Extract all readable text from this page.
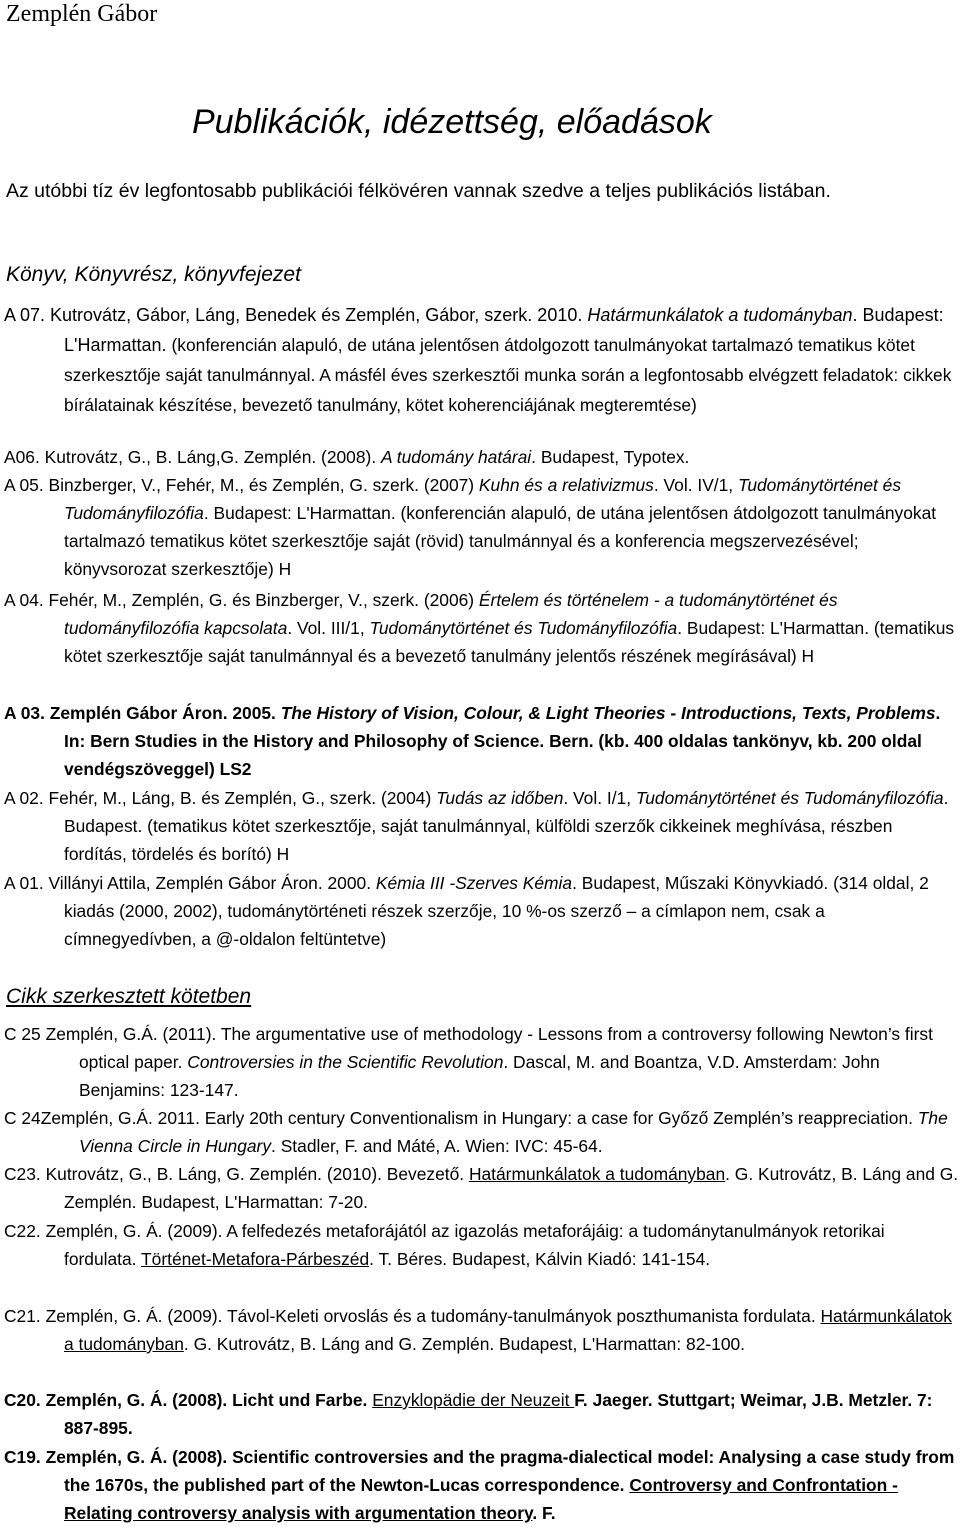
Zemplén Gábor
Publikációk, idézettség, előadások
Az utóbbi tíz év legfontosabb publikációi félkövéren vannak szedve a teljes publikációs listában.
Könyv, Könyvrész, könyvfejezet
A 07. Kutrovátz, Gábor, Láng, Benedek és Zemplén, Gábor, szerk. 2010. Határmunkálatok a tudományban. Budapest: L'Harmattan. (konferencián alapuló, de utána jelentősen átdolgozott tanulmányokat tartalmazó tematikus kötet szerkesztője saját tanulmánnyal. A másfél éves szerkesztői munka során a legfontosabb elvégzett feladatok: cikkek bírálatainak készítése, bevezető tanulmány, kötet koherenciájának megteremtése)
A06. Kutrovátz, G., B. Láng,G. Zemplén. (2008). A tudomány határai. Budapest, Typotex.
A 05. Binzberger, V., Fehér, M., és Zemplén, G. szerk. (2007) Kuhn és a relativizmus. Vol. IV/1, Tudománytörténet és Tudományfilozófia. Budapest: L'Harmattan. (konferencián alapuló, de utána jelentősen átdolgozott tanulmányokat tartalmazó tematikus kötet szerkesztője saját (rövid) tanulmánnyal és a konferencia megszervezésével; könyvsorozat szerkesztője) H
A 04. Fehér, M., Zemplén, G. és Binzberger, V., szerk. (2006) Értelem és történelem - a tudománytörténet és tudományfilozófia kapcsolata. Vol. III/1, Tudománytörténet és Tudományfilozófia. Budapest: L'Harmattan. (tematikus kötet szerkesztője saját tanulmánnyal és a bevezető tanulmány jelentős részének megírásával) H
A 03. Zemplén Gábor Áron. 2005. The History of Vision, Colour, & Light Theories - Introductions, Texts, Problems. In: Bern Studies in the History and Philosophy of Science. Bern. (kb. 400 oldalas tankönyv, kb. 200 oldal vendégszöveggel) LS2
A 02. Fehér, M., Láng, B. és Zemplén, G., szerk. (2004) Tudás az időben. Vol. I/1, Tudománytörténet és Tudományfilozófia. Budapest. (tematikus kötet szerkesztője, saját tanulmánnyal, külföldi szerzők cikkeinek meghívása, részben fordítás, tördelés és borító) H
A 01. Villányi Attila, Zemplén Gábor Áron. 2000. Kémia III -Szerves Kémia. Budapest, Műszaki Könyvkiadó. (314 oldal, 2 kiadás (2000, 2002), tudománytörténeti részek szerzője, 10 %-os szerző – a címlapon nem, csak a címnegyedívben, a @-oldalon feltüntetve)
Cikk szerkesztett kötetben
C 25 Zemplén, G.Á. (2011). The argumentative use of methodology - Lessons from a controversy following Newton’s first optical paper. Controversies in the Scientific Revolution. Dascal, M. and Boantza, V.D. Amsterdam: John Benjamins: 123-147.
C 24Zemplén, G.Á. 2011. Early 20th century Conventionalism in Hungary: a case for Győző Zemplén’s reappreciation. The Vienna Circle in Hungary. Stadler, F. and Máté, A. Wien: IVC: 45-64.
C23. Kutrovátz, G., B. Láng, G. Zemplén. (2010). Bevezető. Határmunkálatok a tudományban. G. Kutrovátz, B. Láng and G. Zemplén. Budapest, L'Harmattan: 7-20.
C22. Zemplén, G. Á. (2009). A felfedezés metaforájától az igazolás metaforájáig: a tudománytanulmányok retorikai fordulata. Történet-Metafora-Párbeszéd. T. Béres. Budapest, Kálvin Kiadó: 141-154.
C21. Zemplén, G. Á. (2009). Távol-Keleti orvoslás és a tudomány-tanulmányok poszthumanista fordulata. Határmunkálatok a tudományban. G. Kutrovátz, B. Láng and G. Zemplén. Budapest, L'Harmattan: 82-100.
C20. Zemplén, G. Á. (2008). Licht und Farbe. Enzyklopädie der Neuzeit F. Jaeger. Stuttgart; Weimar, J.B. Metzler. 7: 887-895.
C19. Zemplén, G. Á. (2008). Scientific controversies and the pragma-dialectical model: Analysing a case study from the 1670s, the published part of the Newton-Lucas correspondence. Controversy and Confrontation - Relating controversy analysis with argumentation theory. F.
